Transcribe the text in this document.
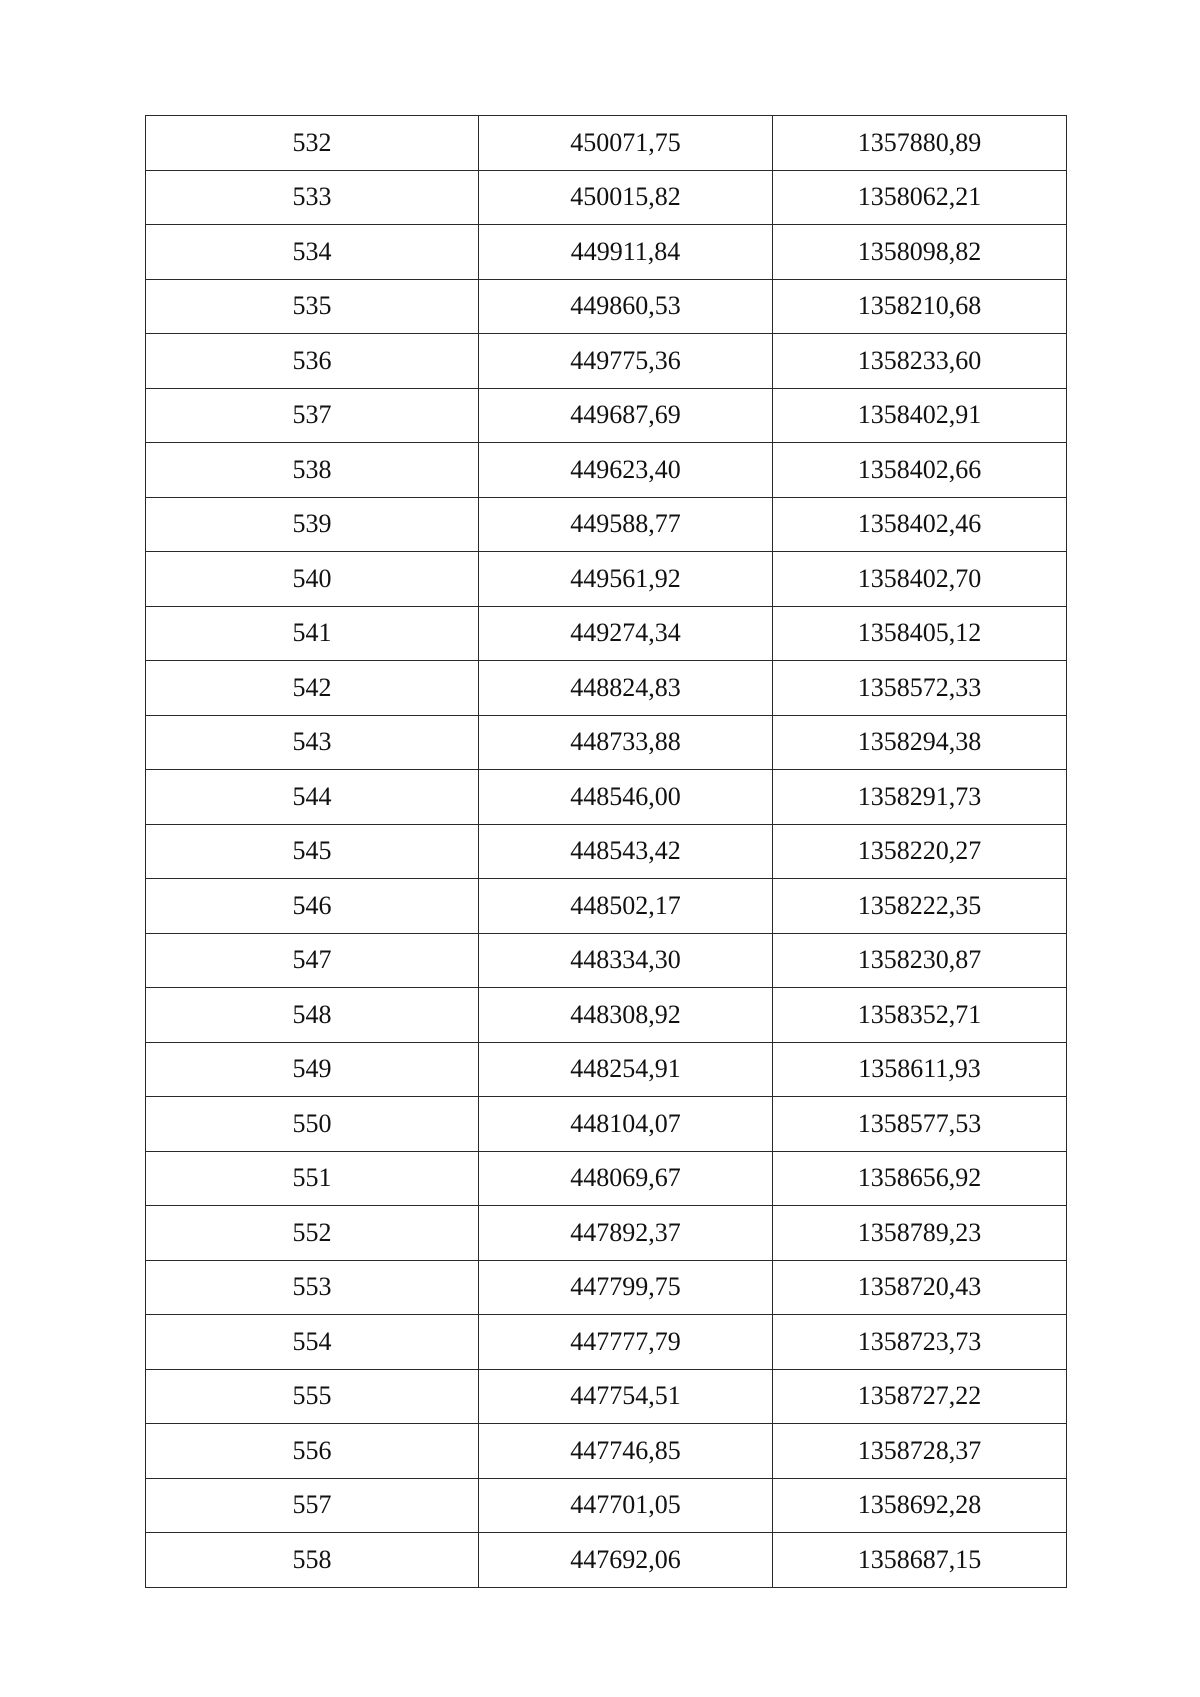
532	450071,75	1357880,89
533	450015,82	1358062,21
534	449911,84	1358098,82
535	449860,53	1358210,68
536	449775,36	1358233,60
537	449687,69	1358402,91
538	449623,40	1358402,66
539	449588,77	1358402,46
540	449561,92	1358402,70
541	449274,34	1358405,12
542	448824,83	1358572,33
543	448733,88	1358294,38
544	448546,00	1358291,73
545	448543,42	1358220,27
546	448502,17	1358222,35
547	448334,30	1358230,87
548	448308,92	1358352,71
549	448254,91	1358611,93
550	448104,07	1358577,53
551	448069,67	1358656,92
552	447892,37	1358789,23
553	447799,75	1358720,43
554	447777,79	1358723,73
555	447754,51	1358727,22
556	447746,85	1358728,37
557	447701,05	1358692,28
558	447692,06	1358687,15
